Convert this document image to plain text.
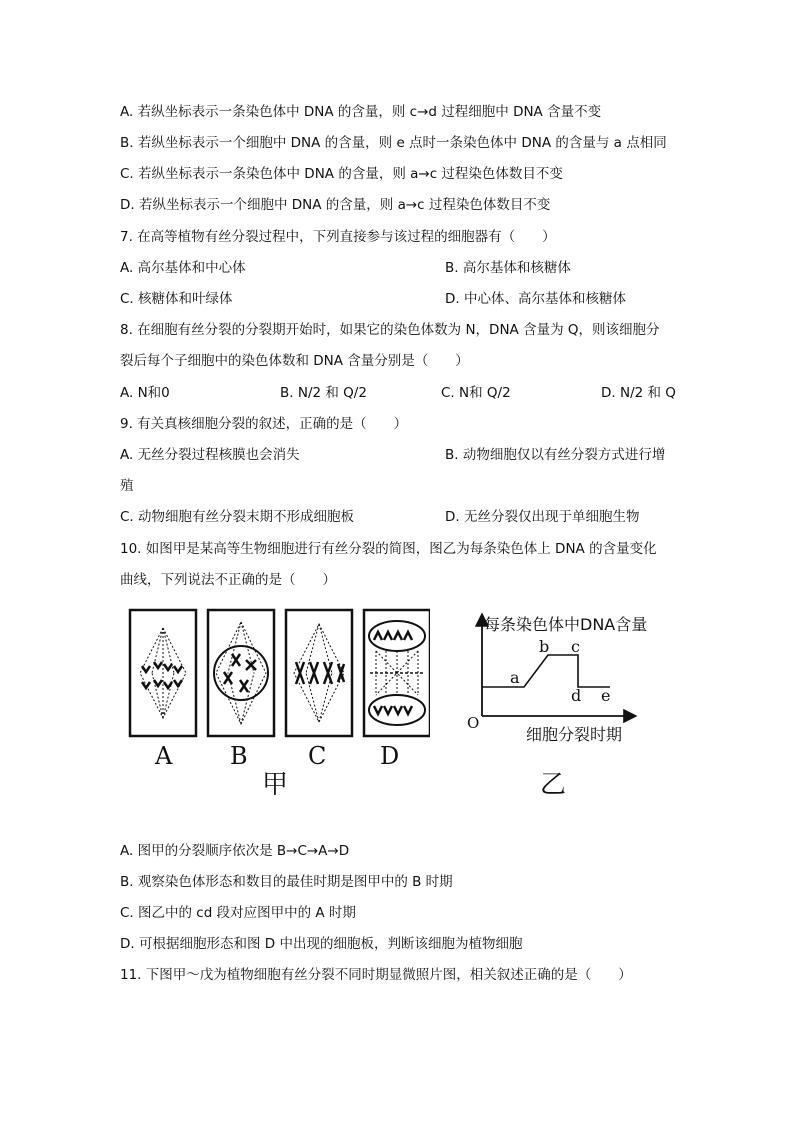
A. 若纵坐标表示一条染色体中 DNA 的含量，则 c→d 过程细胞中 DNA 含量不变
B. 若纵坐标表示一个细胞中 DNA 的含量，则 e 点时一条染色体中 DNA 的含量与 a 点相同
C. 若纵坐标表示一条染色体中 DNA 的含量，则 a→c 过程染色体数目不变
D. 若纵坐标表示一个细胞中 DNA 的含量，则 a→c 过程染色体数目不变
7. 在高等植物有丝分裂过程中，下列直接参与该过程的细胞器有（　　）
A. 高尔基体和中心体	B. 高尔基体和核糖体
C. 核糖体和叶绿体	D. 中心体、高尔基体和核糖体
8. 在细胞有丝分裂的分裂期开始时，如果它的染色体数为 N，DNA 含量为 Q，则该细胞分
裂后每个子细胞中的染色体数和 DNA 含量分别是（　　）
A. N和0	B. N/2 和 Q/2	C. N和 Q/2	D. N/2 和 Q
9. 有关真核细胞分裂的叙述，正确的是（　　）
A. 无丝分裂过程核膜也会消失	B. 动物细胞仅以有丝分裂方式进行增
殖
C. 动物细胞有丝分裂末期不形成细胞板	D. 无丝分裂仅出现于单细胞生物
10. 如图甲是某高等生物细胞进行有丝分裂的简图，图乙为每条染色体上 DNA 的含量变化
曲线，下列说法不正确的是（　　）
A B	C D
甲
每条染色体中DNA含量
细胞分裂时期
O
a
b c
d e
乙
A. 图甲的分裂顺序依次是 B→C→A→D
B. 观察染色体形态和数目的最佳时期是图甲中的 B 时期
C. 图乙中的 cd 段对应图甲中的 A 时期
D. 可根据细胞形态和图 D 中出现的细胞板，判断该细胞为植物细胞
11. 下图甲～戊为植物细胞有丝分裂不同时期显微照片图，相关叙述正确的是（　　）
